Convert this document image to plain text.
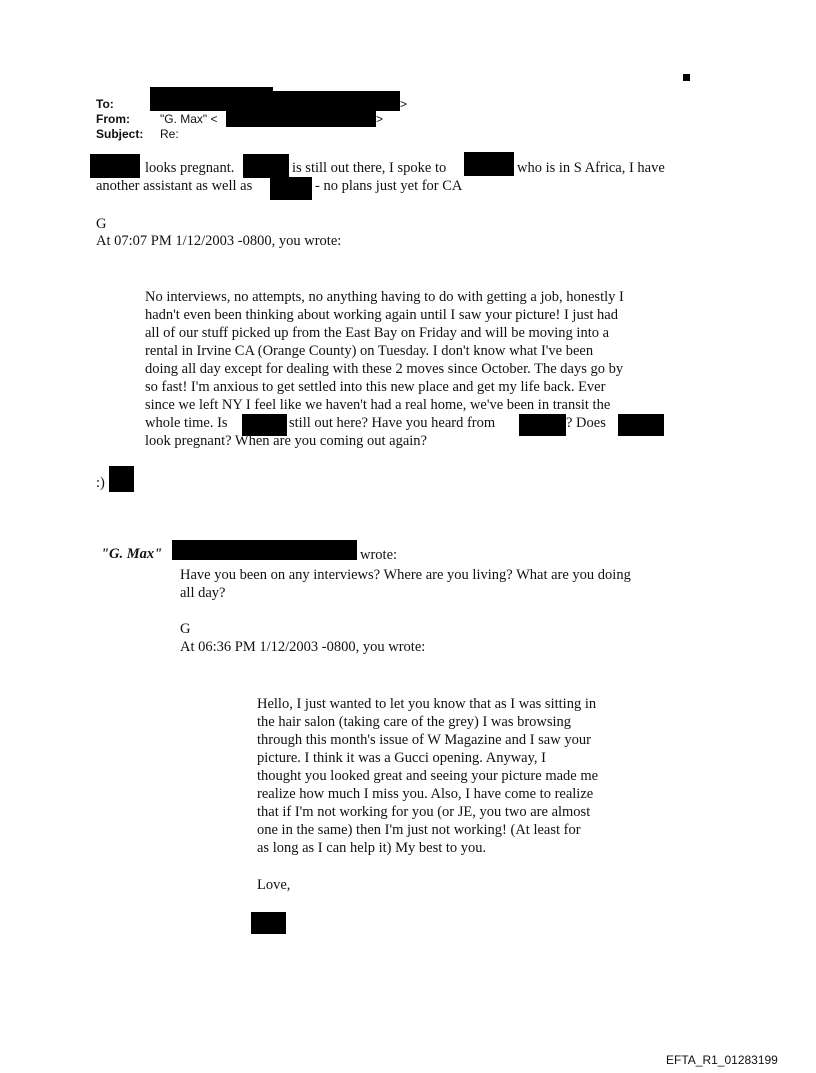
To:	>
From:	"G. Max" <	>
Subject: Re:
looks pregnant.	is still out there, I spoke to	who is in S Africa, I have
another assistant as well as	- no plans just yet for CA
G
At 07:07 PM 1/12/2003 -0800, you wrote:
No interviews, no attempts, no anything having to do with getting a job, honestly I
hadn't even been thinking about working again until I saw your picture! I just had
all of our stuff picked up from the East Bay on Friday and will be moving into a
rental in Irvine CA (Orange County) on Tuesday. I don't know what I've been
doing all day except for dealing with these 2 moves since October. The days go by
so fast! I'm anxious to get settled into this new place and get my life back. Ever
since we left NY I feel like we haven't had a real home, we've been in transit the
whole time. Is	still out here? Have you heard from	? Does
look pregnant? When are you coming out again?
:)
"G. Max"	wrote:
Have you been on any interviews? Where are you living? What are you doing
all day?
G
At 06:36 PM 1/12/2003 -0800, you wrote:
Hello, I just wanted to let you know that as I was sitting in
the hair salon (taking care of the grey) I was browsing
through this month's issue of W Magazine and I saw your
picture. I think it was a Gucci opening. Anyway, I
thought you looked great and seeing your picture made me
realize how much I miss you. Also, I have come to realize
that if I'm not working for you (or JE, you two are almost
one in the same) then I'm just not working! (At least for
as long as I can help it) My best to you.
Love,
EFTA_R1_01283199
